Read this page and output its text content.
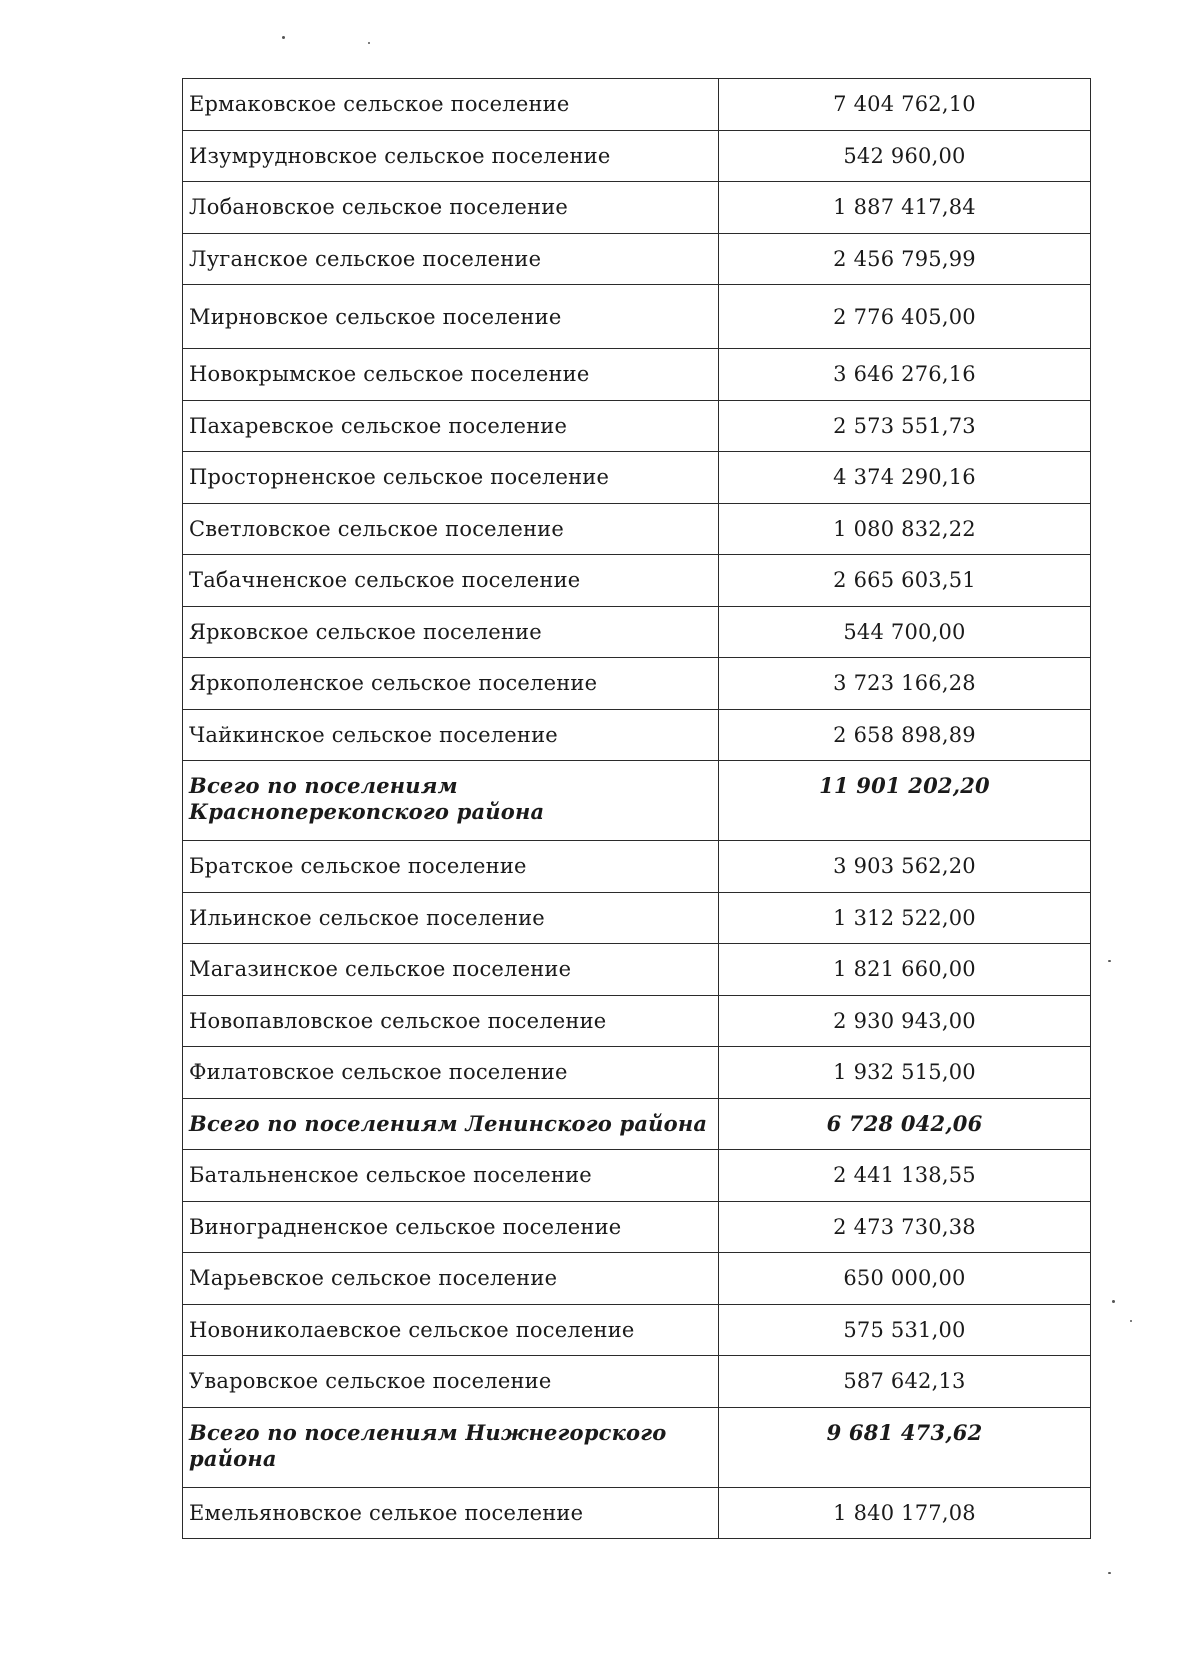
Ермаковское сельское поселение	7 404 762,10
Изумрудновское сельское поселение	542 960,00
Лобановское сельское поселение	1 887 417,84
Луганское сельское поселение	2 456 795,99
Мирновское сельское поселение	2 776 405,00
Новокрымское сельское поселение	3 646 276,16
Пахаревское сельское поселение	2 573 551,73
Просторненское сельское поселение	4 374 290,16
Светловское сельское поселение	1 080 832,22
Табачненское сельское поселение	2 665 603,51
Ярковское сельское поселение	544 700,00
Яркополенское сельское поселение	3 723 166,28
Чайкинское сельское поселение	2 658 898,89
Всего по поселениям Красноперекопского района	11 901 202,20
Братское сельское поселение	3 903 562,20
Ильинское сельское поселение	1 312 522,00
Магазинское сельское поселение	1 821 660,00
Новопавловское сельское поселение	2 930 943,00
Филатовское сельское поселение	1 932 515,00
Всего по поселениям Ленинского района	6 728 042,06
Батальненское сельское поселение	2 441 138,55
Виноградненское сельское поселение	2 473 730,38
Марьевское сельское поселение	650 000,00
Новониколаевское сельское поселение	575 531,00
Уваровское сельское поселение	587 642,13
Всего по поселениям Нижнегорского района	9 681 473,62
Емельяновское селькое поселение	1 840 177,08
